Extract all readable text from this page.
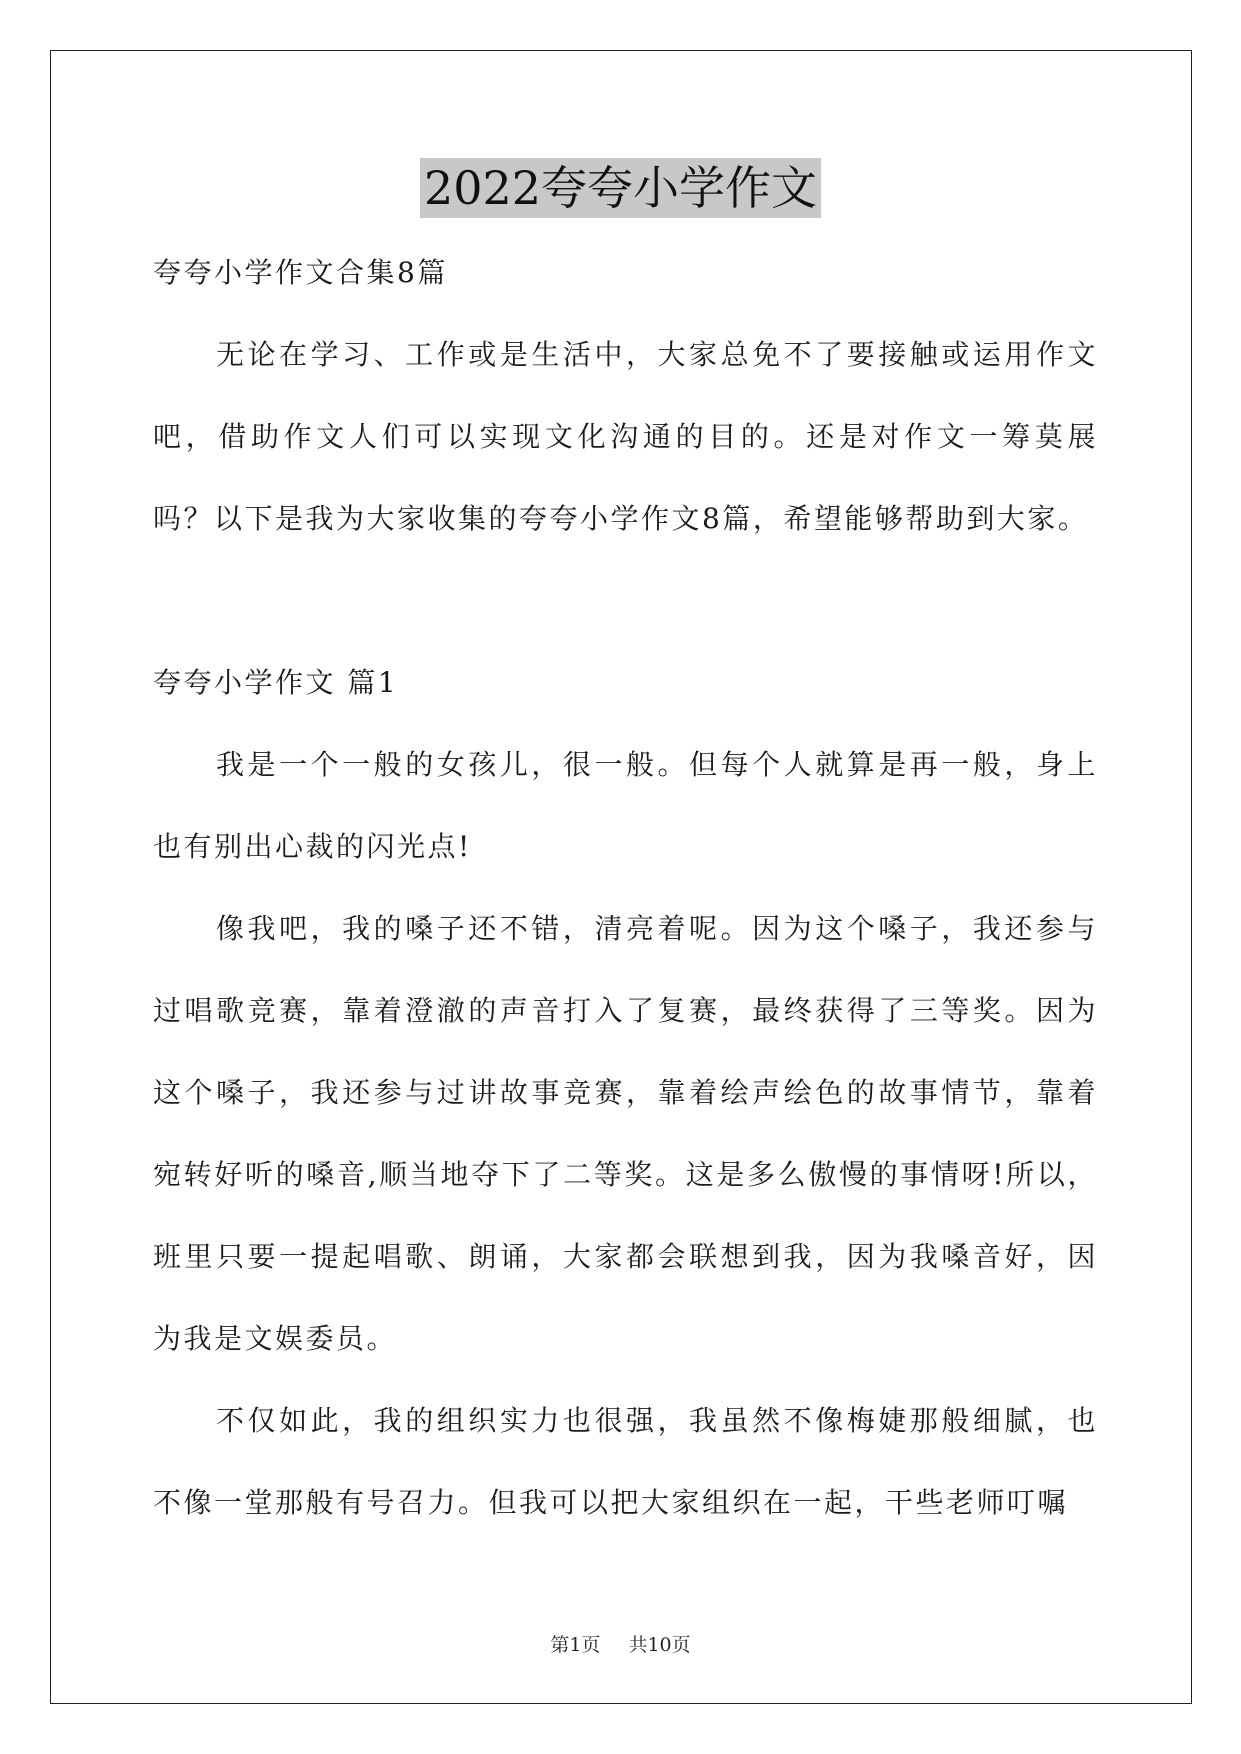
2022夸夸小学作文

夸夸小学作文合集8篇

无论在学习、工作或是生活中，大家总免不了要接触或运用作文吧，借助作文人们可以实现文化沟通的目的。还是对作文一筹莫展吗？以下是我为大家收集的夸夸小学作文8篇，希望能够帮助到大家。

夸夸小学作文 篇1

我是一个一般的女孩儿，很一般。但每个人就算是再一般，身上也有别出心裁的闪光点!

像我吧，我的嗓子还不错，清亮着呢。因为这个嗓子，我还参与过唱歌竞赛，靠着澄澈的声音打入了复赛，最终获得了三等奖。因为这个嗓子，我还参与过讲故事竞赛，靠着绘声绘色的故事情节，靠着宛转好听的嗓音,顺当地夺下了二等奖。这是多么傲慢的事情呀!所以，班里只要一提起唱歌、朗诵，大家都会联想到我，因为我嗓音好，因为我是文娱委员。

不仅如此，我的组织实力也很强，我虽然不像梅婕那般细腻，也不像一堂那般有号召力。但我可以把大家组织在一起，干些老师叮嘱

第1页 共10页
